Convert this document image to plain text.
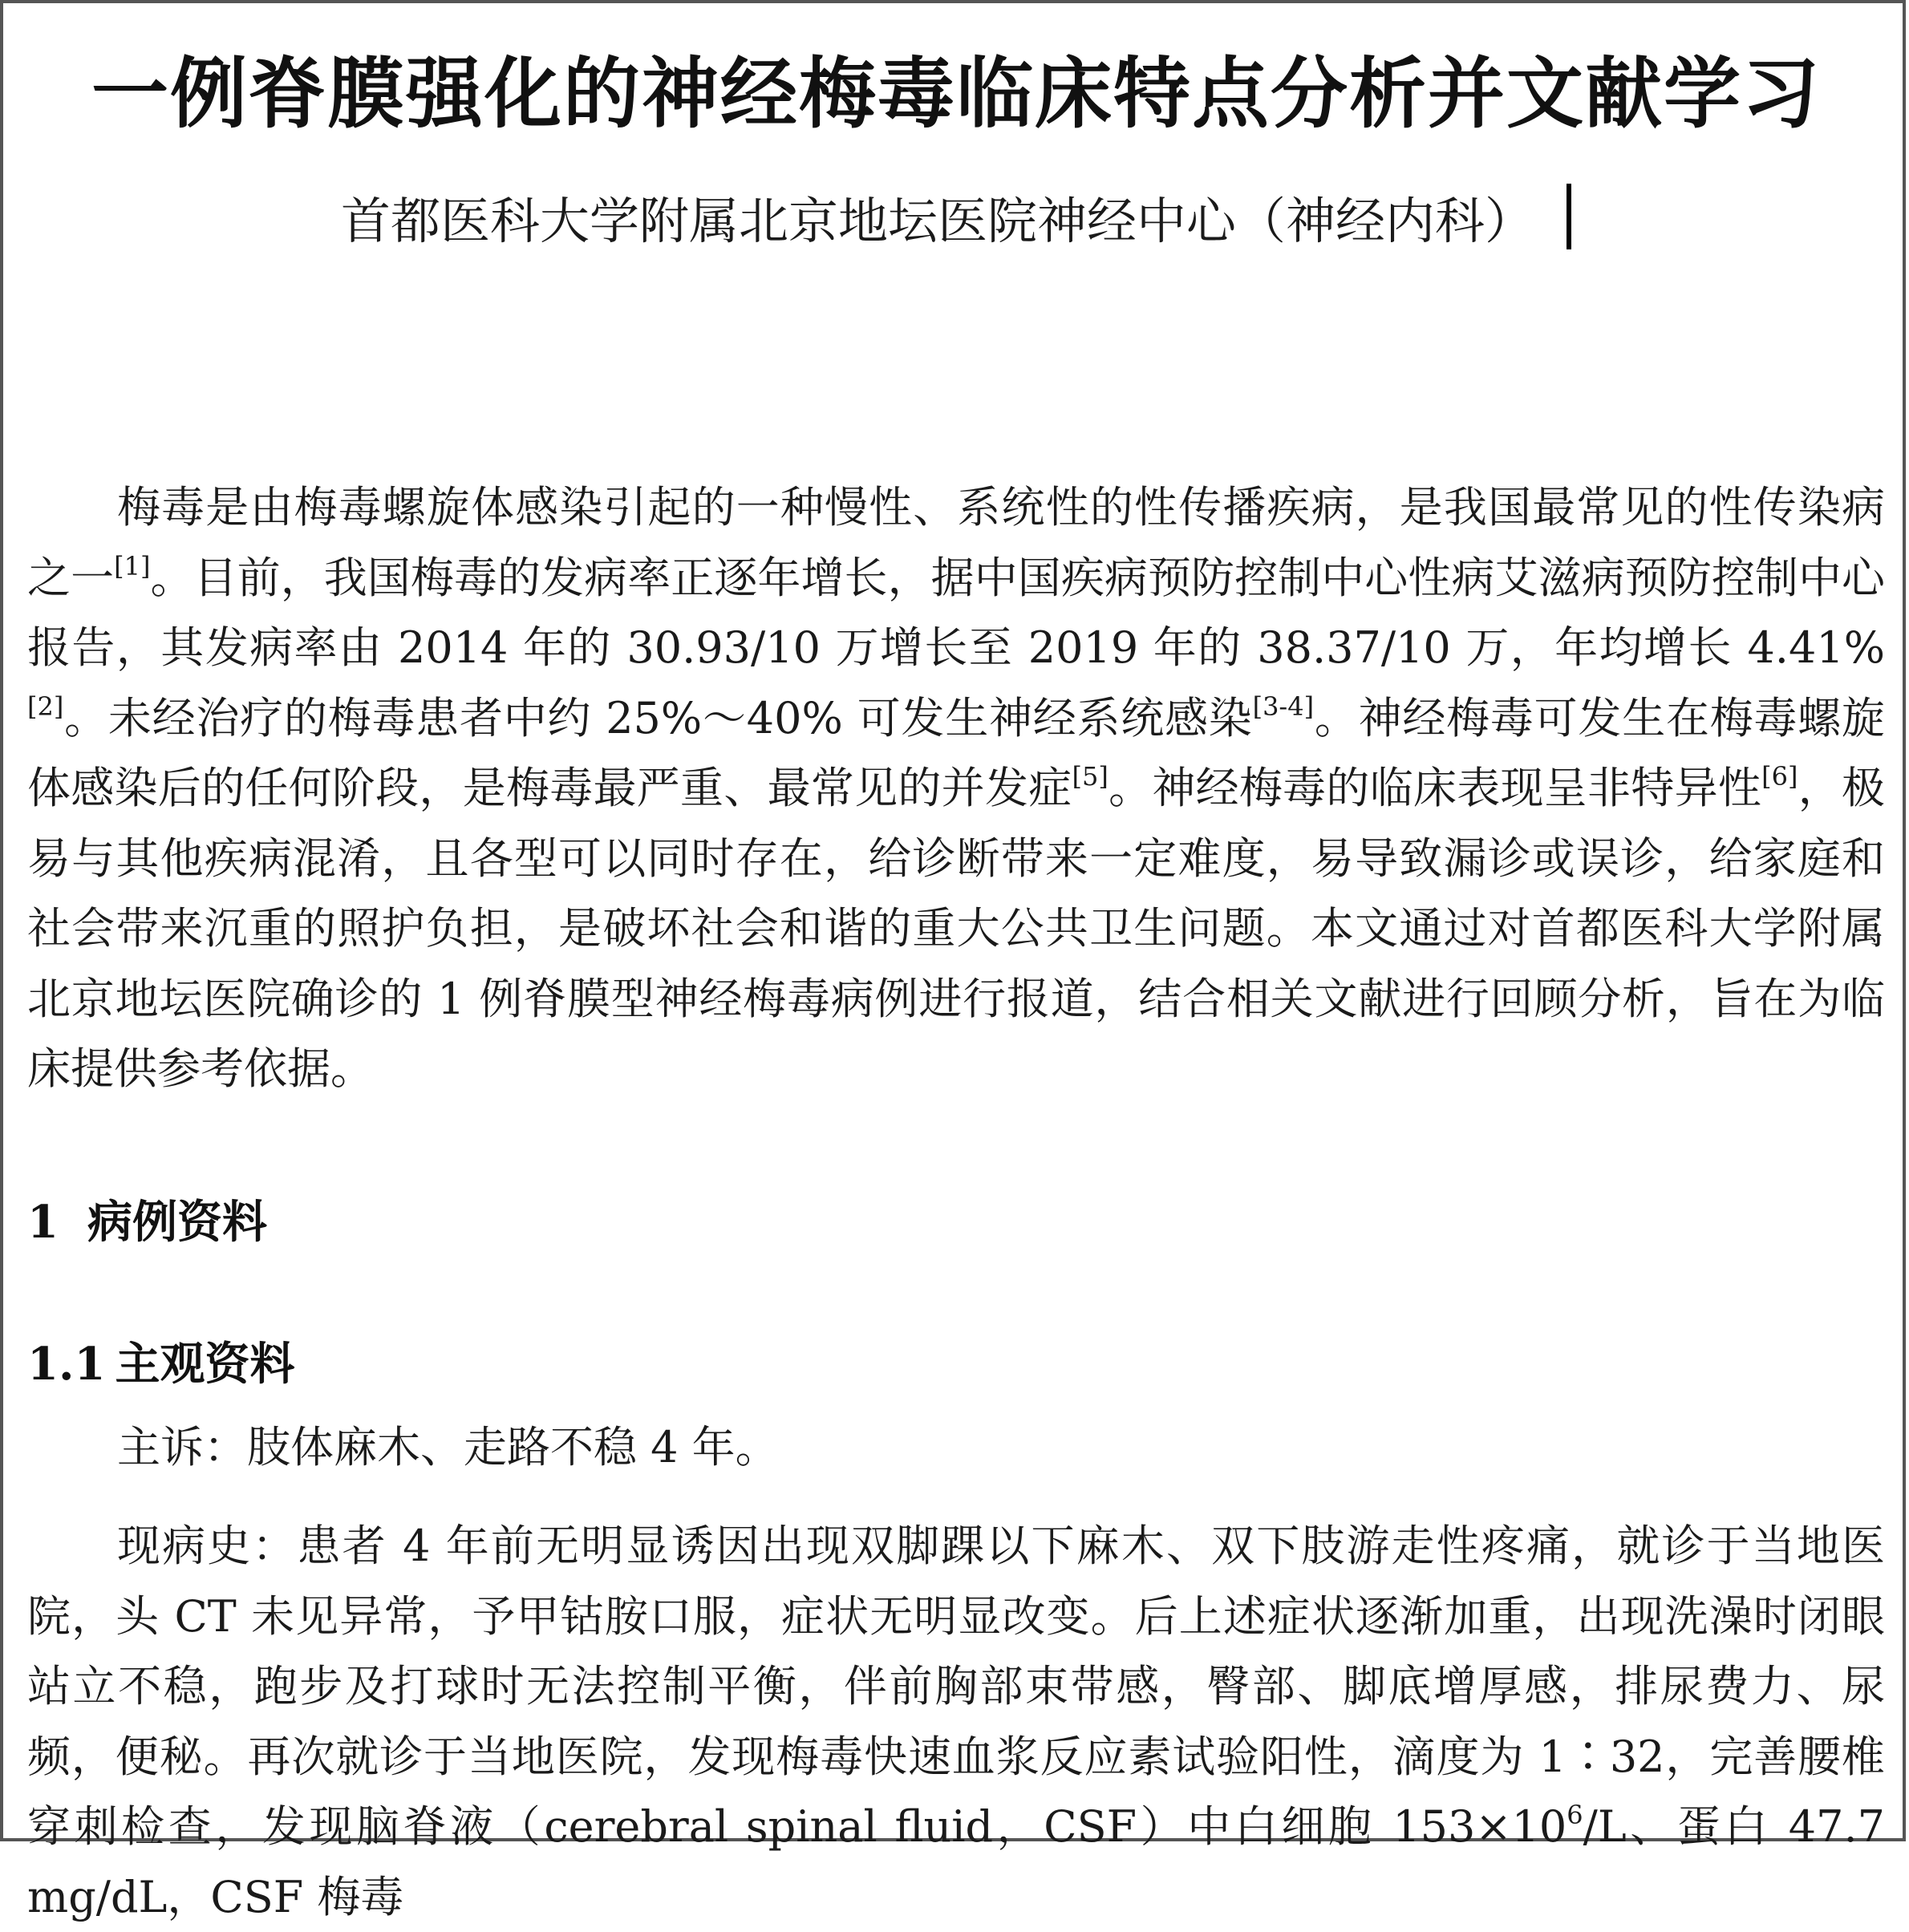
一例脊膜强化的神经梅毒临床特点分析并文献学习
首都医科大学附属北京地坛医院神经中心（神经内科）

梅毒是由梅毒螺旋体感染引起的一种慢性、系统性的性传播疾病，是我国最常见的性传染病之一[1]。目前，我国梅毒的发病率正逐年增长，据中国疾病预防控制中心性病艾滋病预防控制中心报告，其发病率由 2014 年的 30.93/10 万增长至 2019 年的 38.37/10 万，年均增长 4.41%[2]。未经治疗的梅毒患者中约 25%～40% 可发生神经系统感染[3-4]。神经梅毒可发生在梅毒螺旋体感染后的任何阶段，是梅毒最严重、最常见的并发症[5]。神经梅毒的临床表现呈非特异性[6]，极易与其他疾病混淆，且各型可以同时存在，给诊断带来一定难度，易导致漏诊或误诊，给家庭和社会带来沉重的照护负担，是破坏社会和谐的重大公共卫生问题。本文通过对首都医科大学附属北京地坛医院确诊的 1 例脊膜型神经梅毒病例进行报道，结合相关文献进行回顾分析，旨在为临床提供参考依据。

1 病例资料
1.1 主观资料

主诉：肢体麻木、走路不稳 4 年。

现病史：患者 4 年前无明显诱因出现双脚踝以下麻木、双下肢游走性疼痛，就诊于当地医院，头 CT 未见异常，予甲钴胺口服，症状无明显改变。后上述症状逐渐加重，出现洗澡时闭眼站立不稳，跑步及打球时无法控制平衡，伴前胸部束带感，臀部、脚底增厚感，排尿费力、尿频，便秘。再次就诊于当地医院，发现梅毒快速血浆反应素试验阳性，滴度为 1∶32，完善腰椎穿刺检查，发现脑脊液（cerebral spinal fluid，CSF）中白细胞 $153\times 10^6/L$、蛋白 47.7 mg/dL，CSF 梅毒
